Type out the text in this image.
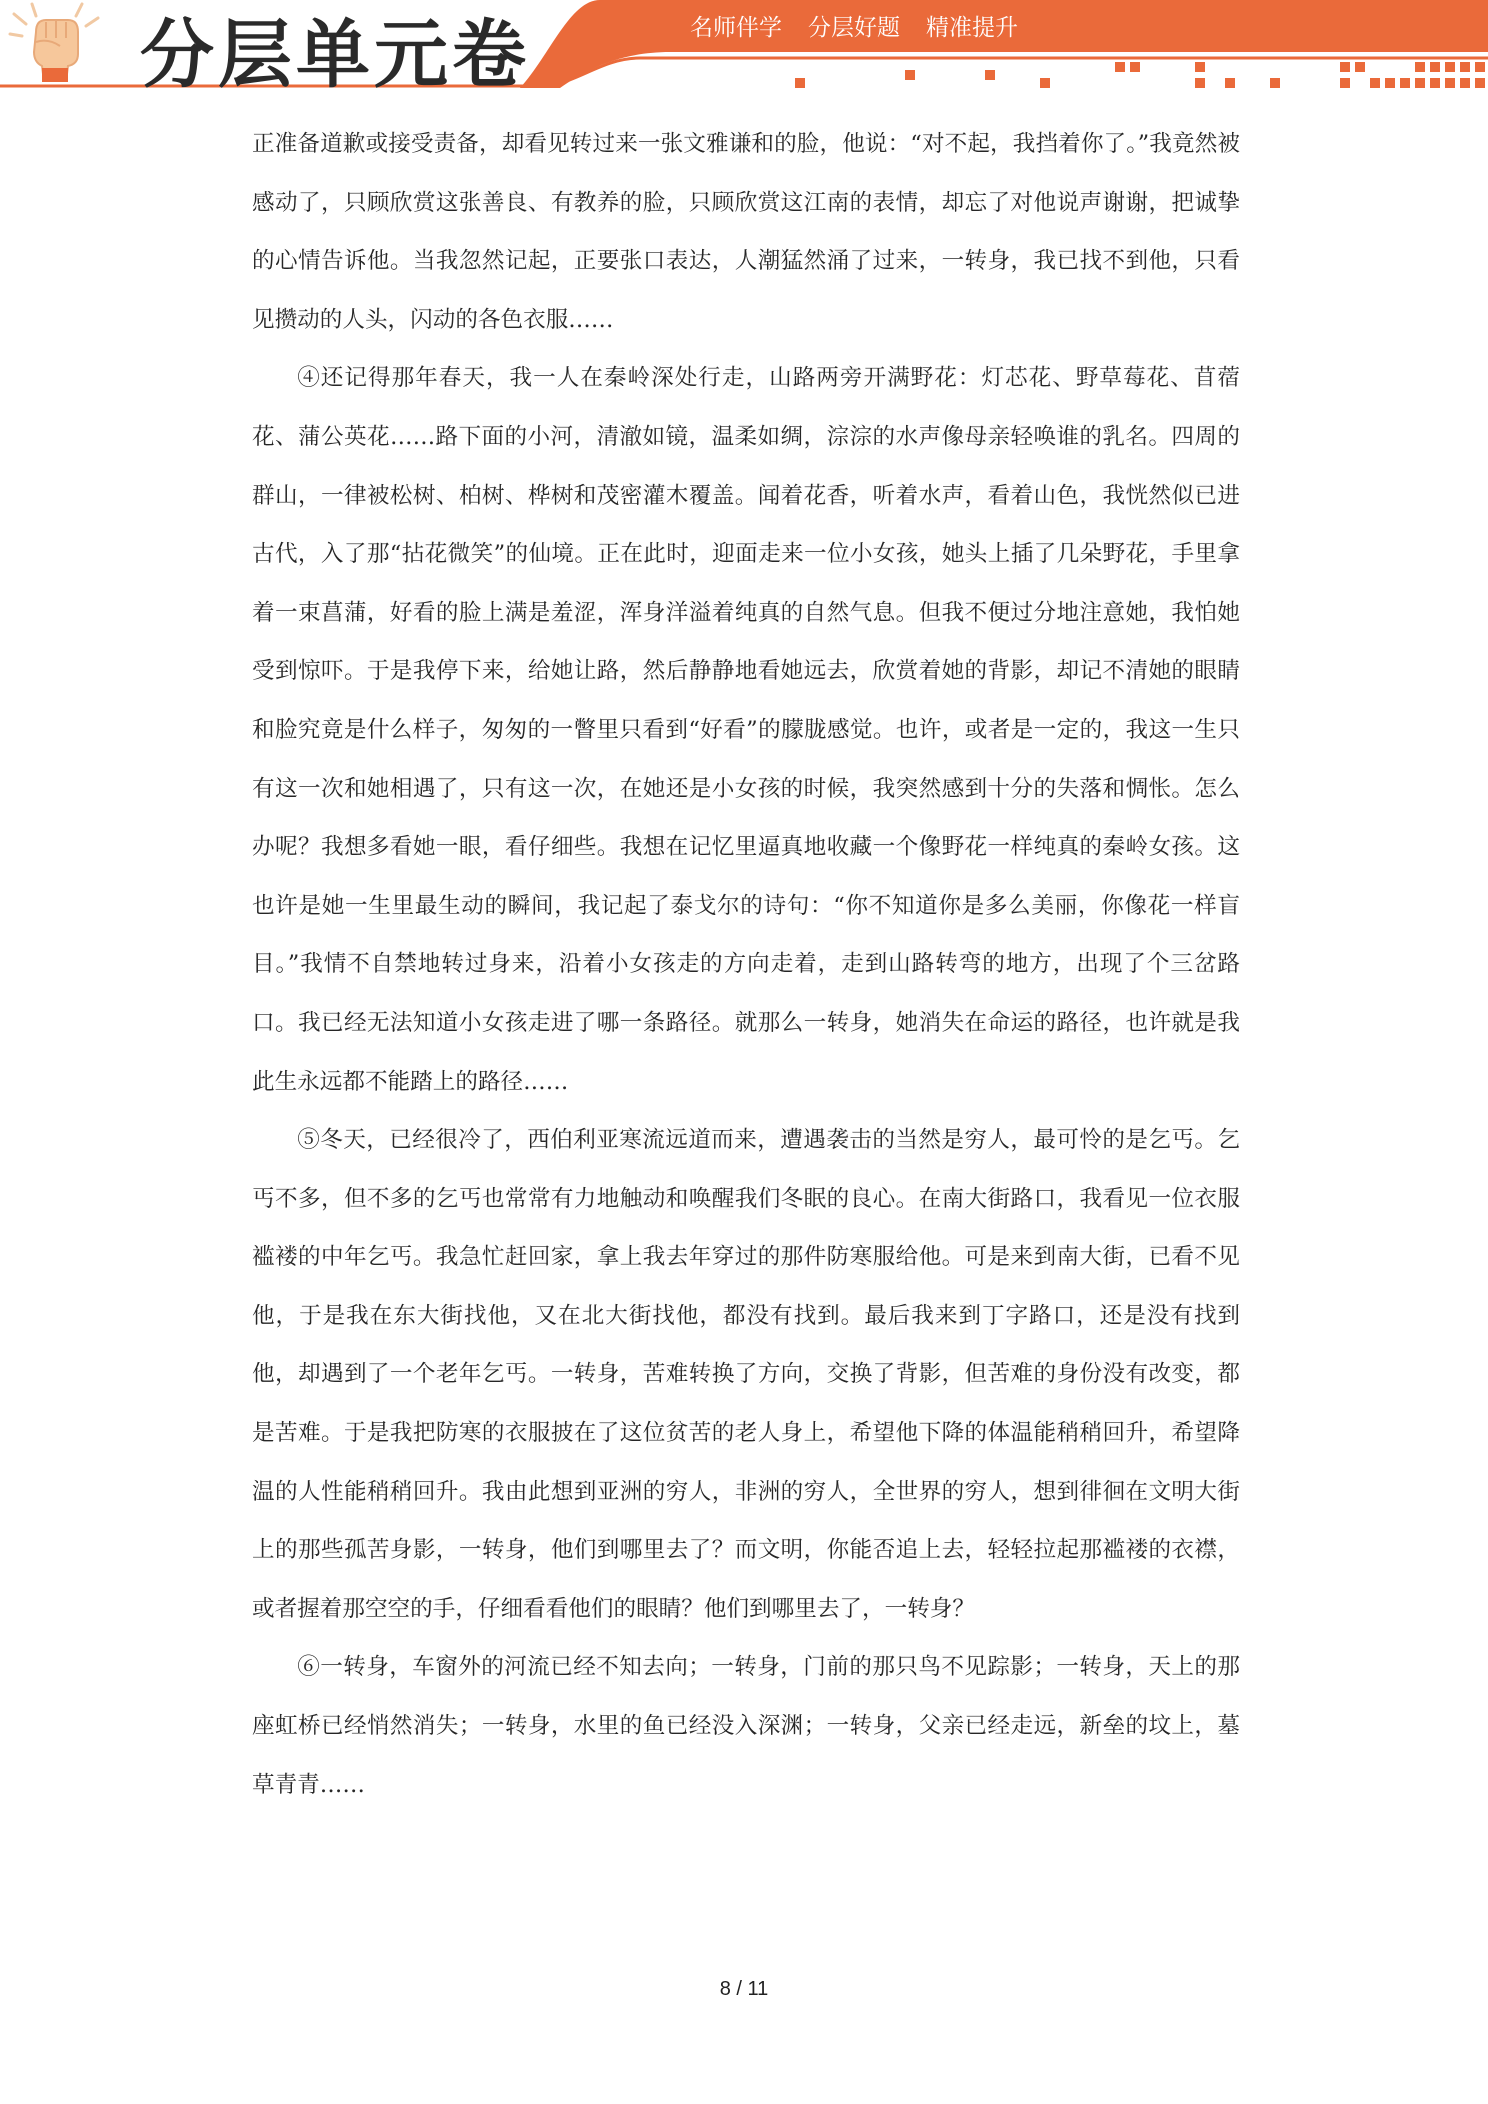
分层单元卷	名师伴学 分层好题 精准提升

正准备道歉或接受责备，却看见转过来一张文雅谦和的脸，他说：“对不起，我挡着你了。”我竟然被感动了，只顾欣赏这张善良、有教养的脸，只顾欣赏这江南的表情，却忘了对他说声谢谢，把诚挚的心情告诉他。当我忽然记起，正要张口表达，人潮猛然涌了过来，一转身，我已找不到他，只看见攒动的人头，闪动的各色衣服……

④还记得那年春天，我一人在秦岭深处行走，山路两旁开满野花：灯芯花、野草莓花、苜蓿花、蒲公英花……路下面的小河，清澈如镜，温柔如绸，淙淙的水声像母亲轻唤谁的乳名。四周的群山，一律被松树、柏树、桦树和茂密灌木覆盖。闻着花香，听着水声，看着山色，我恍然似已进古代，入了那“拈花微笑”的仙境。正在此时，迎面走来一位小女孩，她头上插了几朵野花，手里拿着一束菖蒲，好看的脸上满是羞涩，浑身洋溢着纯真的自然气息。但我不便过分地注意她，我怕她受到惊吓。于是我停下来，给她让路，然后静静地看她远去，欣赏着她的背影，却记不清她的眼睛和脸究竟是什么样子，匆匆的一瞥里只看到“好看”的朦胧感觉。也许，或者是一定的，我这一生只有这一次和她相遇了，只有这一次，在她还是小女孩的时候，我突然感到十分的失落和惆怅。怎么办呢？我想多看她一眼，看仔细些。我想在记忆里逼真地收藏一个像野花一样纯真的秦岭女孩。这也许是她一生里最生动的瞬间，我记起了泰戈尔的诗句：“你不知道你是多么美丽，你像花一样盲目。”我情不自禁地转过身来，沿着小女孩走的方向走着，走到山路转弯的地方，出现了个三岔路口。我已经无法知道小女孩走进了哪一条路径。就那么一转身，她消失在命运的路径，也许就是我此生永远都不能踏上的路径……

⑤冬天，已经很冷了，西伯利亚寒流远道而来，遭遇袭击的当然是穷人，最可怜的是乞丐。乞丐不多，但不多的乞丐也常常有力地触动和唤醒我们冬眠的良心。在南大街路口，我看见一位衣服褴褛的中年乞丐。我急忙赶回家，拿上我去年穿过的那件防寒服给他。可是来到南大街，已看不见他，于是我在东大街找他，又在北大街找他，都没有找到。最后我来到丁字路口，还是没有找到他，却遇到了一个老年乞丐。一转身，苦难转换了方向，交换了背影，但苦难的身份没有改变，都是苦难。于是我把防寒的衣服披在了这位贫苦的老人身上，希望他下降的体温能稍稍回升，希望降温的人性能稍稍回升。我由此想到亚洲的穷人，非洲的穷人，全世界的穷人，想到徘徊在文明大街上的那些孤苦身影，一转身，他们到哪里去了？而文明，你能否追上去，轻轻拉起那褴褛的衣襟，或者握着那空空的手，仔细看看他们的眼睛？他们到哪里去了，一转身？

⑥一转身，车窗外的河流已经不知去向；一转身，门前的那只鸟不见踪影；一转身，天上的那座虹桥已经悄然消失；一转身，水里的鱼已经没入深渊；一转身，父亲已经走远，新垒的坟上，墓草青青……

8 / 11
